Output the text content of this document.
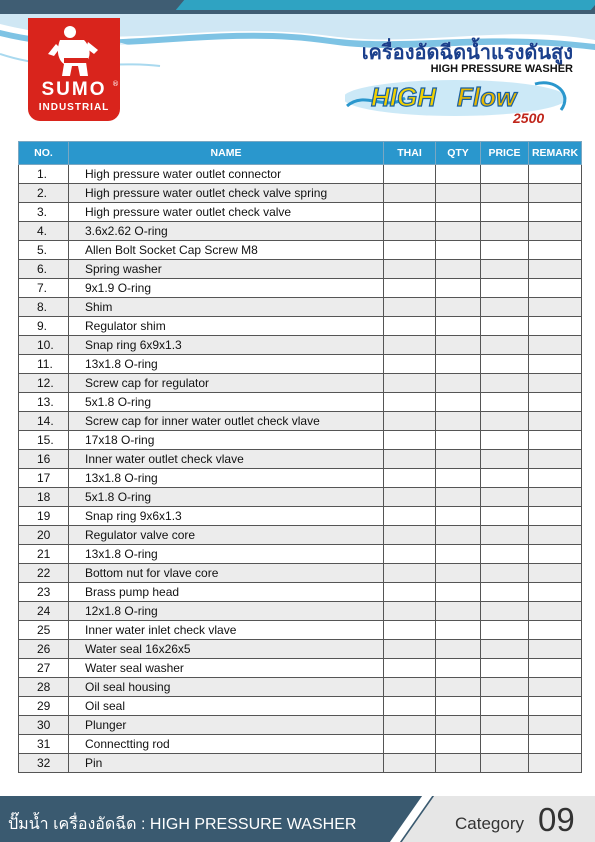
SUMO ®
INDUSTRIAL
เครื่องอัดฉีดน้ำแรงดันสูง
HIGH PRESSURE WASHER
HIGH Flow
2500
NO.	NAME	THAI	QTY	PRICE	REMARK
1.	High pressure water outlet connector				
2.	High pressure water outlet check valve spring				
3.	High pressure water outlet check valve				
4.	3.6x2.62 O-ring				
5.	Allen Bolt Socket Cap Screw M8				
6.	Spring washer				
7.	9x1.9 O-ring				
8.	Shim				
9.	Regulator shim				
10.	Snap ring 6x9x1.3				
11.	13x1.8 O-ring				
12.	Screw cap for regulator				
13.	5x1.8 O-ring				
14.	Screw cap for inner water outlet check vlave				
15.	17x18 O-ring				
16	Inner water outlet check vlave				
17	13x1.8 O-ring				
18	5x1.8 O-ring				
19	Snap ring 9x6x1.3				
20	Regulator valve core				
21	13x1.8 O-ring				
22	Bottom nut for vlave core				
23	Brass pump head				
24	12x1.8 O-ring				
25	Inner water inlet check vlave				
26	Water seal 16x26x5				
27	Water seal washer				
28	Oil seal housing				
29	Oil seal				
30	Plunger				
31	Connectting rod				
32	Pin				
ปั๊มน้ำ เครื่องอัดฉีด : HIGH PRESSURE WASHER	Category 09
